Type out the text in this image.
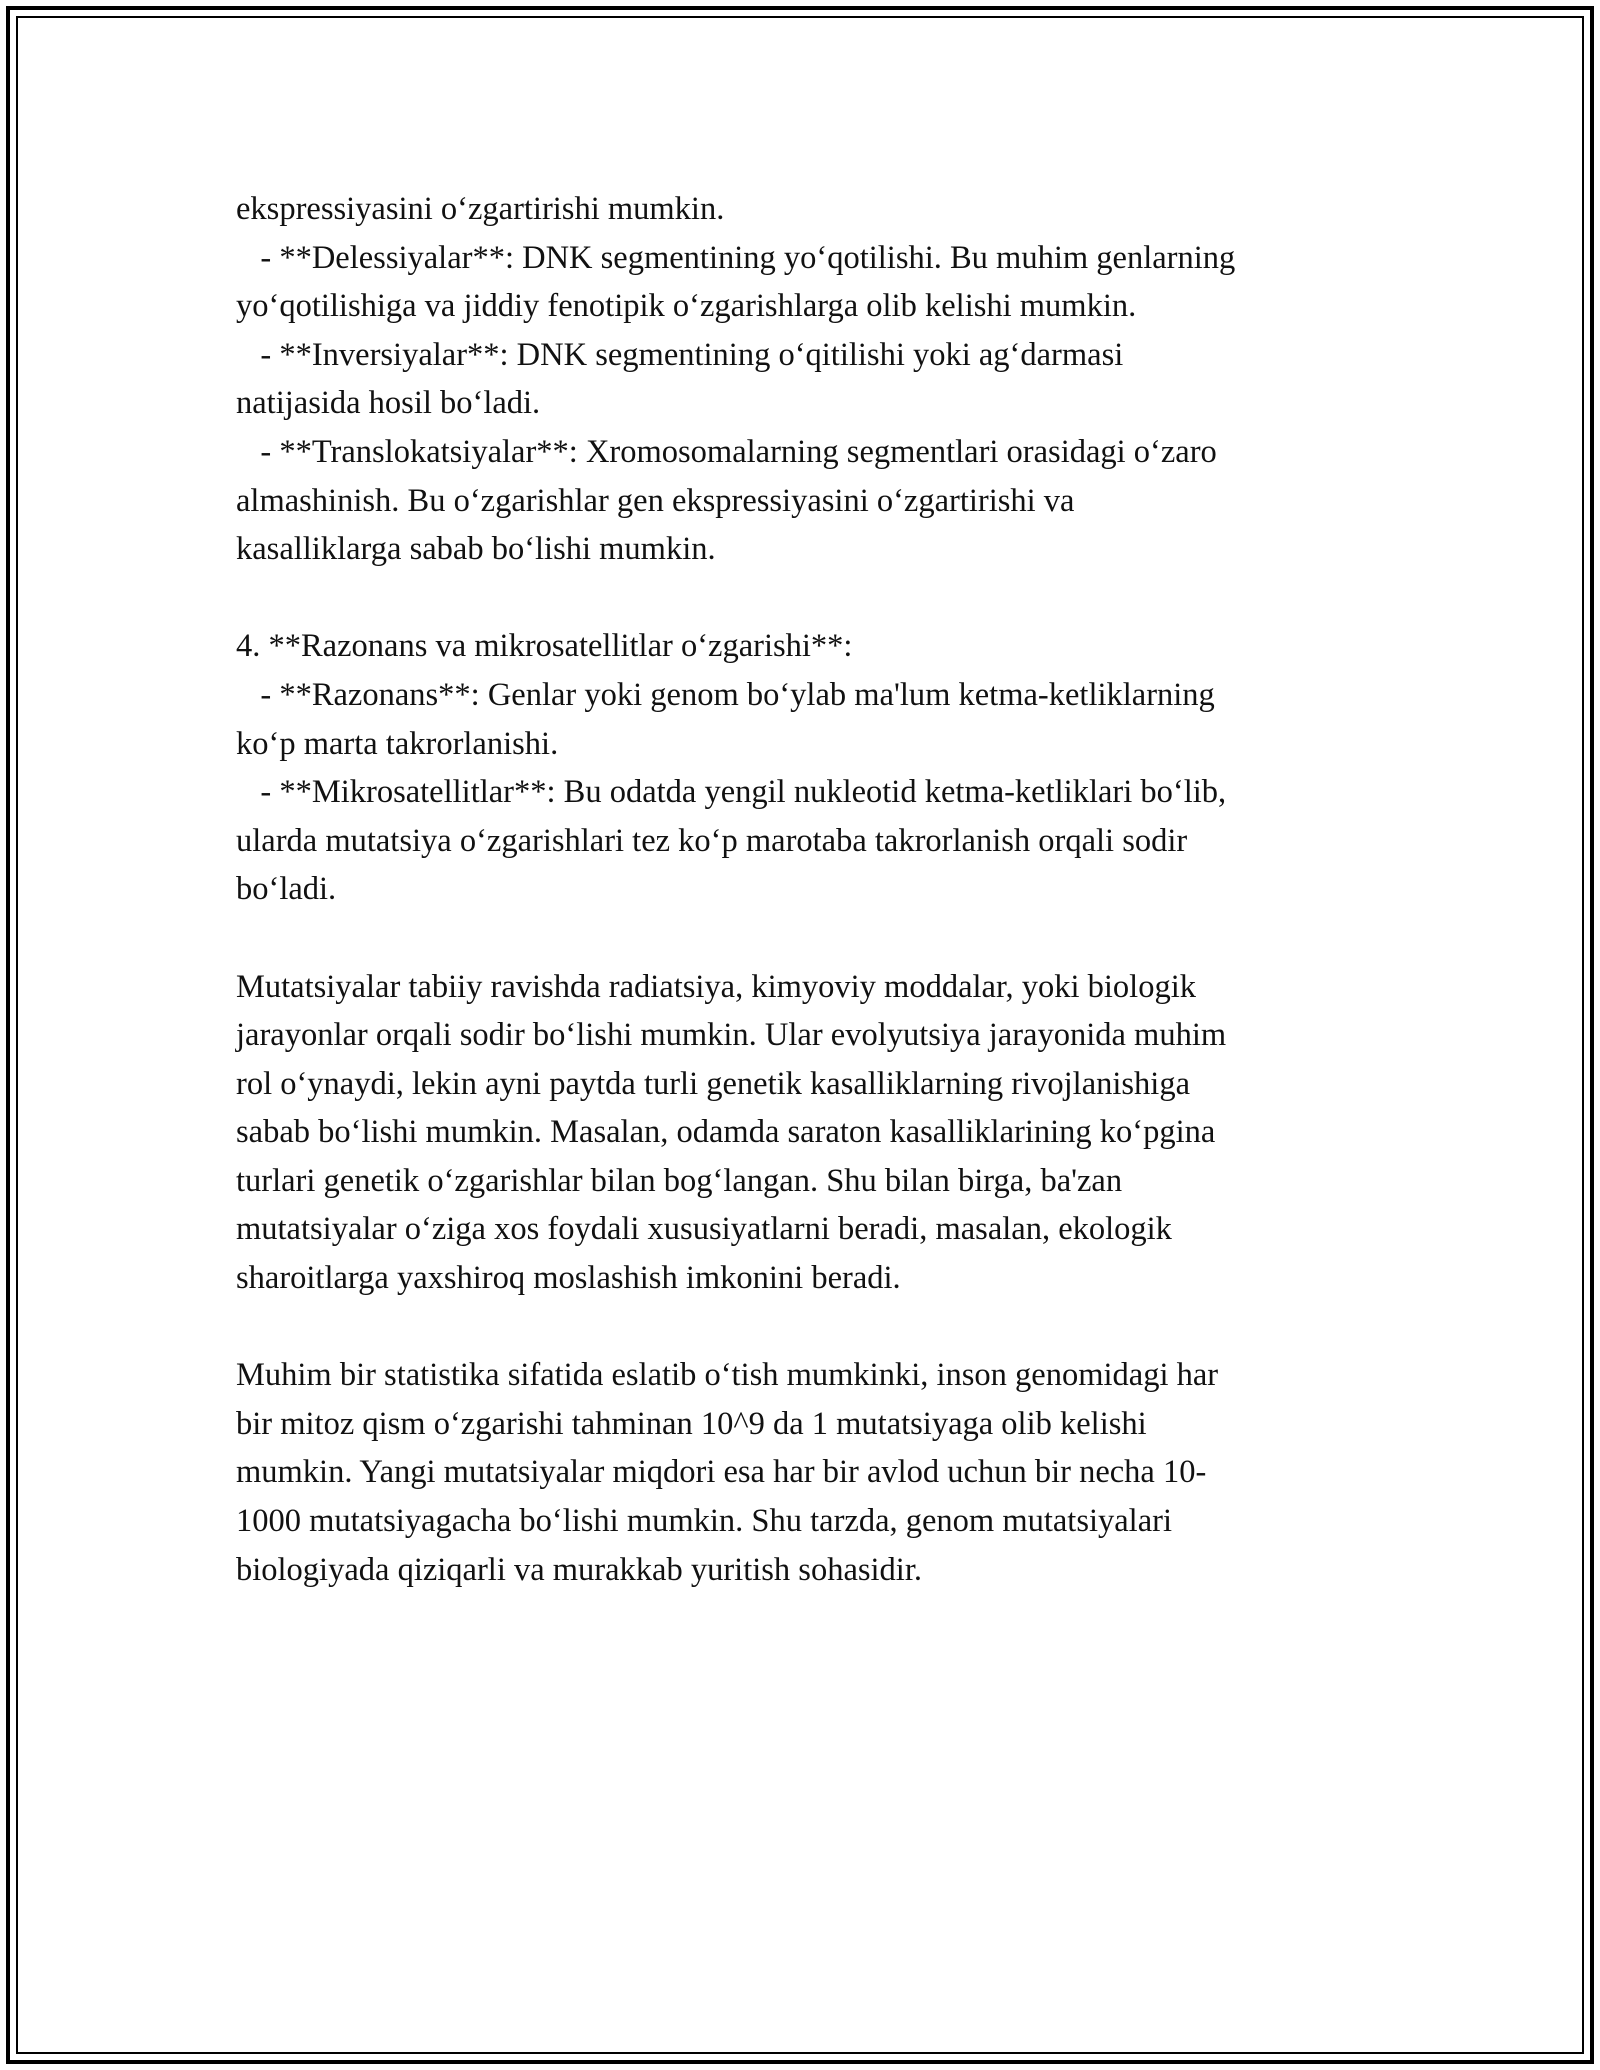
ekspressiyasini o‘zgartirishi mumkin.
- **Delessiyalar**: DNK segmentining yo‘qotilishi. Bu muhim genlarning
yo‘qotilishiga va jiddiy fenotipik o‘zgarishlarga olib kelishi mumkin.
- **Inversiyalar**: DNK segmentining o‘qitilishi yoki ag‘darmasi
natijasida hosil bo‘ladi.
- **Translokatsiyalar**: Xromosomalarning segmentlari orasidagi o‘zaro
almashinish. Bu o‘zgarishlar gen ekspressiyasini o‘zgartirishi va
kasalliklarga sabab bo‘lishi mumkin.
4. **Razonans va mikrosatellitlar o‘zgarishi**:
- **Razonans**: Genlar yoki genom bo‘ylab ma'lum ketma-ketliklarning
ko‘p marta takrorlanishi.
- **Mikrosatellitlar**: Bu odatda yengil nukleotid ketma-ketliklari bo‘lib,
ularda mutatsiya o‘zgarishlari tez ko‘p marotaba takrorlanish orqali sodir
bo‘ladi.
Mutatsiyalar tabiiy ravishda radiatsiya, kimyoviy moddalar, yoki biologik
jarayonlar orqali sodir bo‘lishi mumkin. Ular evolyutsiya jarayonida muhim
rol o‘ynaydi, lekin ayni paytda turli genetik kasalliklarning rivojlanishiga
sabab bo‘lishi mumkin. Masalan, odamda saraton kasalliklarining ko‘pgina
turlari genetik o‘zgarishlar bilan bog‘langan. Shu bilan birga, ba'zan
mutatsiyalar o‘ziga xos foydali xususiyatlarni beradi, masalan, ekologik
sharoitlarga yaxshiroq moslashish imkonini beradi.
Muhim bir statistika sifatida eslatib o‘tish mumkinki, inson genomidagi har
bir mitoz qism o‘zgarishi tahminan 10^9 da 1 mutatsiyaga olib kelishi
mumkin. Yangi mutatsiyalar miqdori esa har bir avlod uchun bir necha 10-
1000 mutatsiyagacha bo‘lishi mumkin. Shu tarzda, genom mutatsiyalari
biologiyada qiziqarli va murakkab yuritish sohasidir.
